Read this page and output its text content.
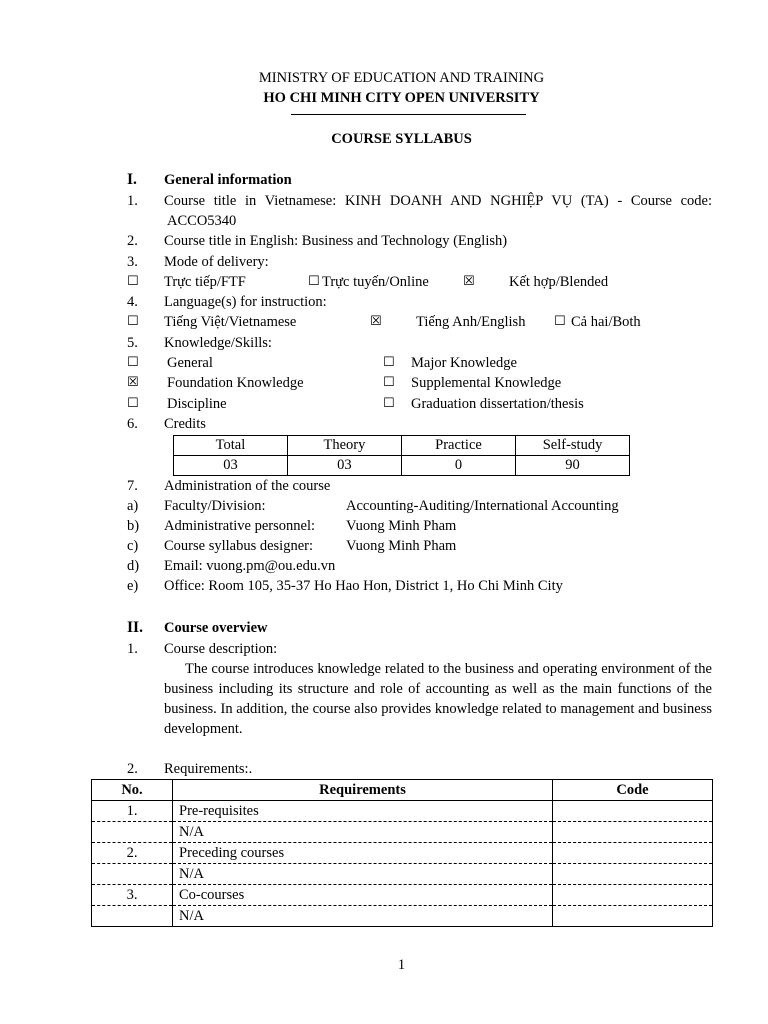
MINISTRY OF EDUCATION AND TRAINING
HO CHI MINH CITY OPEN UNIVERSITY
COURSE SYLLABUS
I. General information
1. Course title in Vietnamese: KINH DOANH AND NGHIỆP VỤ (TA) - Course code:
ACCO5340
2. Course title in English: Business and Technology (English)
3. Mode of delivery:
☐ Trực tiếp/FTF	☐ Trực tuyến/Online	☒ Kết hợp/Blended
4. Language(s) for instruction:
☐ Tiếng Việt/Vietnamese	☒ Tiếng Anh/English ☐ Cả hai/Both
5. Knowledge/Skills:
☐ General	☐ Major Knowledge
☒ Foundation Knowledge	☐ Supplemental Knowledge
☐ Discipline	☐ Graduation dissertation/thesis
6. Credits
Total	Theory	Practice	Self-study
03	03	0	90
7. Administration of the course
a) Faculty/Division:	Accounting-Auditing/International Accounting
b) Administrative personnel: Vuong Minh Pham
c) Course syllabus designer: Vuong Minh Pham
d) Email: vuong.pm@ou.edu.vn
e) Office: Room 105, 35-37 Ho Hao Hon, District 1, Ho Chi Minh City
II. Course overview
1. Course description:
The course introduces knowledge related to the business and operating environment of the business including its structure and role of accounting as well as the main functions of the business. In addition, the course also provides knowledge related to management and business development.
2. Requirements:.
No.	Requirements	Code
1.	Pre-requisites	
	N/A	
2.	Preceding courses	
	N/A	
3.	Co-courses	
	N/A	
1
